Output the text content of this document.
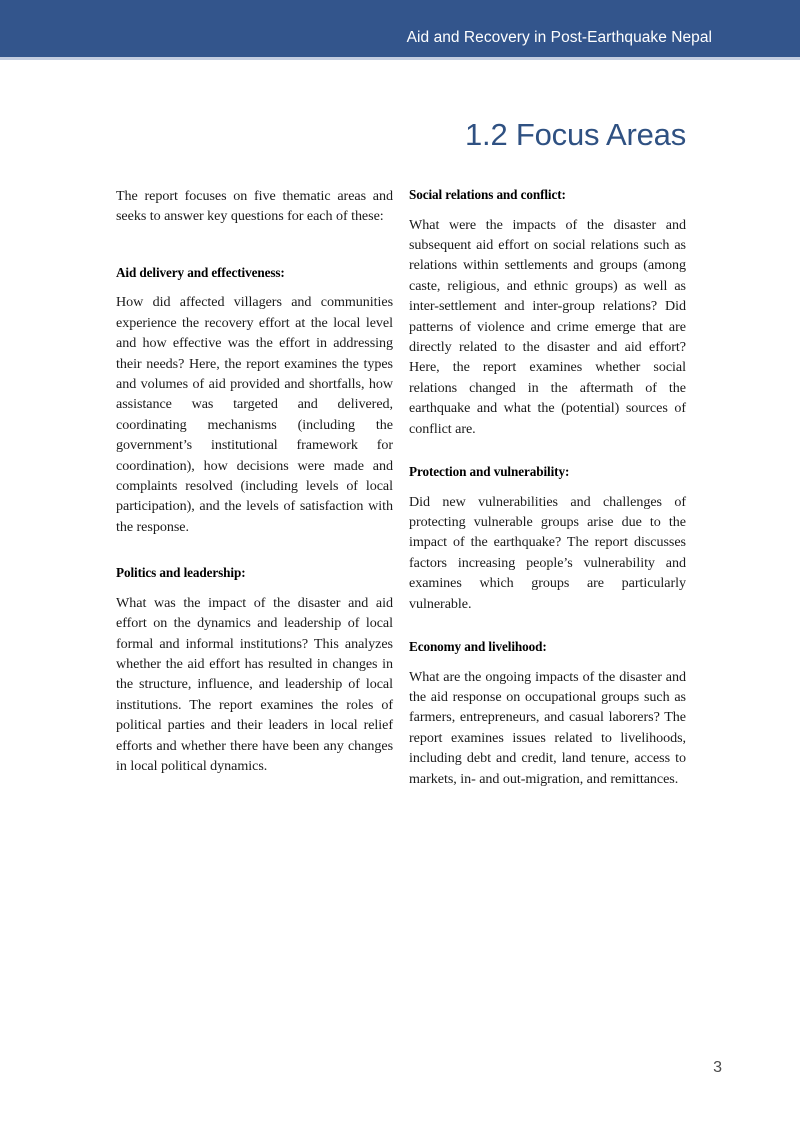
Aid and Recovery in Post-Earthquake Nepal
1.2 Focus Areas

The report focuses on five thematic areas and seeks to answer key questions for each of these:

Aid delivery and effectiveness:

How did affected villagers and communities experience the recovery effort at the local level and how effective was the effort in addressing their needs? Here, the report examines the types and volumes of aid provided and shortfalls, how assistance was targeted and delivered, coordinating mechanisms (including the government’s institutional framework for coordination), how decisions were made and complaints resolved (including levels of local participation), and the levels of satisfaction with the response.

Politics and leadership:

What was the impact of the disaster and aid effort on the dynamics and leadership of local formal and informal institutions? This analyzes whether the aid effort has resulted in changes in the structure, influence, and leadership of local institutions. The report examines the roles of political parties and their leaders in local relief efforts and whether there have been any changes in local political dynamics.

Social relations and conflict:

What were the impacts of the disaster and subsequent aid effort on social relations such as relations within settlements and groups (among caste, religious, and ethnic groups) as well as inter-settlement and inter-group relations? Did patterns of violence and crime emerge that are directly related to the disaster and aid effort? Here, the report examines whether social relations changed in the aftermath of the earthquake and what the (potential) sources of conflict are.

Protection and vulnerability:

Did new vulnerabilities and challenges of protecting vulnerable groups arise due to the impact of the earthquake? The report discusses factors increasing people’s vulnerability and examines which groups are particularly vulnerable.

Economy and livelihood:

What are the ongoing impacts of the disaster and the aid response on occupational groups such as farmers, entrepreneurs, and casual laborers? The report examines issues related to livelihoods, including debt and credit, land tenure, access to markets, in- and out-migration, and remittances.

3
